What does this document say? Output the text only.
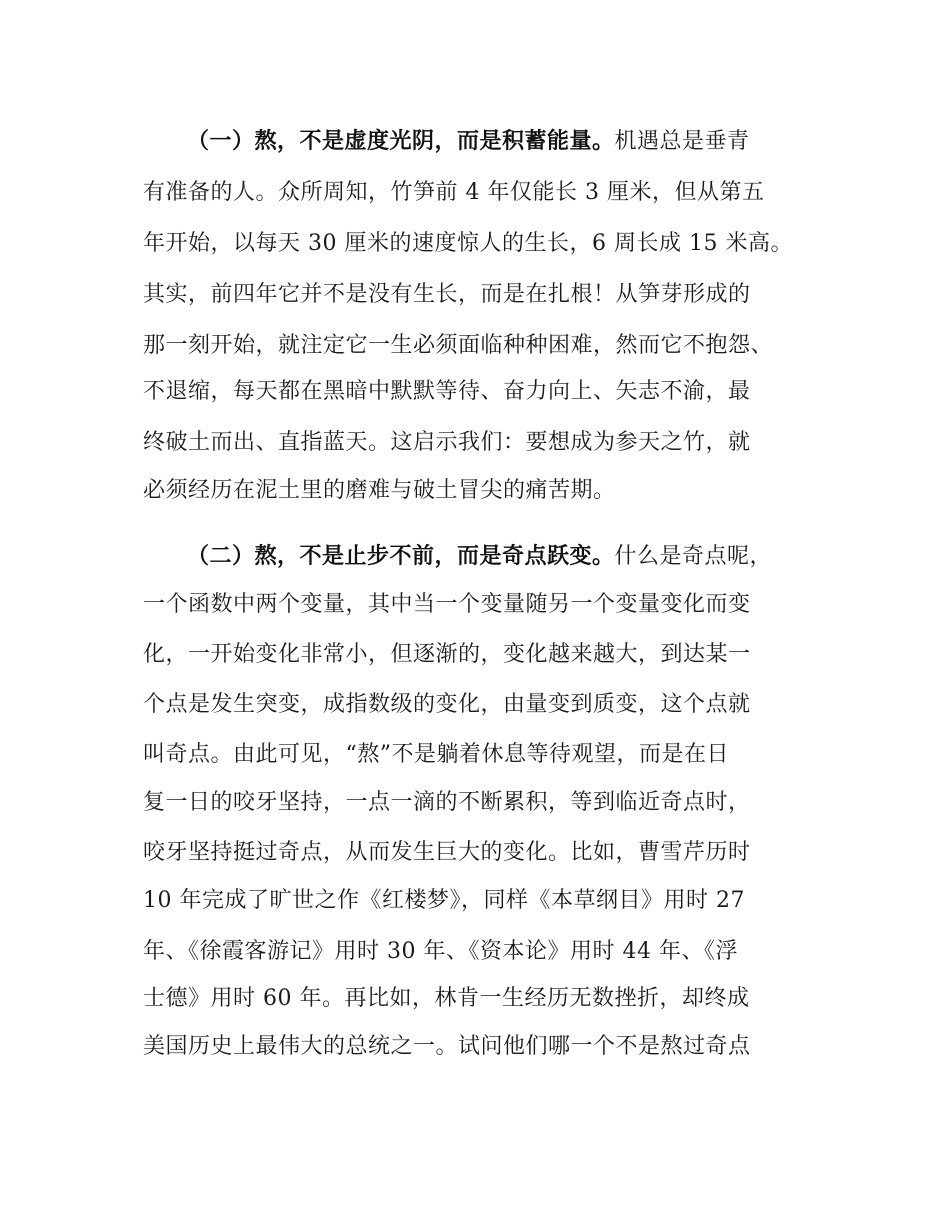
（一）熬，不是虚度光阴，而是积蓄能量。机遇总是垂青
有准备的人。众所周知，竹笋前 4 年仅能长 3 厘米，但从第五
年开始，以每天 30 厘米的速度惊人的生长，6 周长成 15 米高。
其实，前四年它并不是没有生长，而是在扎根！从笋芽形成的
那一刻开始，就注定它一生必须面临种种困难，然而它不抱怨、
不退缩，每天都在黑暗中默默等待、奋力向上、矢志不渝，最
终破土而出、直指蓝天。这启示我们：要想成为参天之竹，就
必须经历在泥土里的磨难与破土冒尖的痛苦期。
（二）熬，不是止步不前，而是奇点跃变。什么是奇点呢，
一个函数中两个变量，其中当一个变量随另一个变量变化而变
化，一开始变化非常小，但逐渐的，变化越来越大，到达某一
个点是发生突变，成指数级的变化，由量变到质变，这个点就
叫奇点。由此可见，“熬”不是躺着休息等待观望，而是在日
复一日的咬牙坚持，一点一滴的不断累积，等到临近奇点时，
咬牙坚持挺过奇点，从而发生巨大的变化。比如，曹雪芹历时
10 年完成了旷世之作《红楼梦》，同样《本草纲目》用时 27
年、《徐霞客游记》用时 30 年、《资本论》用时 44 年、《浮
士德》用时 60 年。再比如，林肯一生经历无数挫折，却终成
美国历史上最伟大的总统之一。试问他们哪一个不是熬过奇点
